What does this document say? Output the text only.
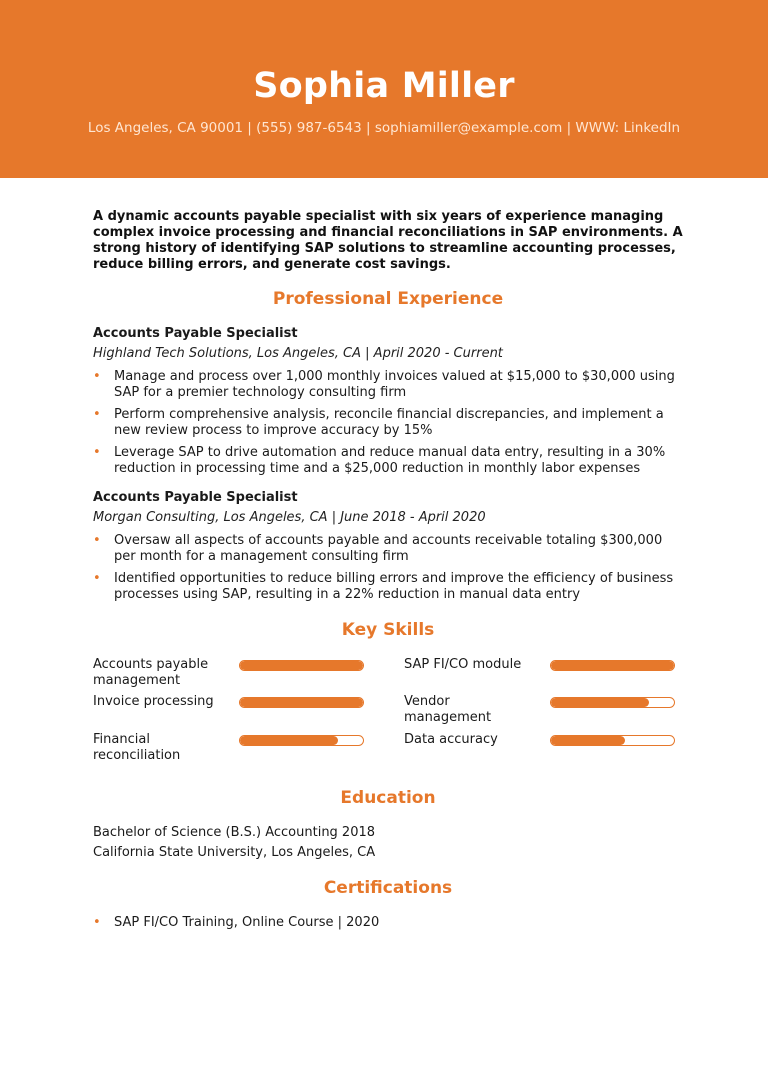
Sophia Miller
Los Angeles, CA 90001 | (555) 987-6543 | sophiamiller@example.com | WWW: LinkedIn

A dynamic accounts payable specialist with six years of experience managing complex invoice processing and financial reconciliations in SAP environments. A strong history of identifying SAP solutions to streamline accounting processes, reduce billing errors, and generate cost savings.

Professional Experience
Accounts Payable Specialist
Highland Tech Solutions, Los Angeles, CA | April 2020 - Current
• Manage and process over 1,000 monthly invoices valued at $15,000 to $30,000 using SAP for a premier technology consulting firm
• Perform comprehensive analysis, reconcile financial discrepancies, and implement a new review process to improve accuracy by 15%
• Leverage SAP to drive automation and reduce manual data entry, resulting in a 30% reduction in processing time and a $25,000 reduction in monthly labor expenses
Accounts Payable Specialist
Morgan Consulting, Los Angeles, CA | June 2018 - April 2020
• Oversaw all aspects of accounts payable and accounts receivable totaling $300,000 per month for a management consulting firm
• Identified opportunities to reduce billing errors and improve the efficiency of business processes using SAP, resulting in a 22% reduction in manual data entry
Key Skills
Accounts payable management
SAP FI/CO module
Invoice processing	Vendor management
Financial reconciliation
Data accuracy
Education
Bachelor of Science (B.S.) Accounting 2018
California State University, Los Angeles, CA
Certifications
• SAP FI/CO Training, Online Course | 2020
